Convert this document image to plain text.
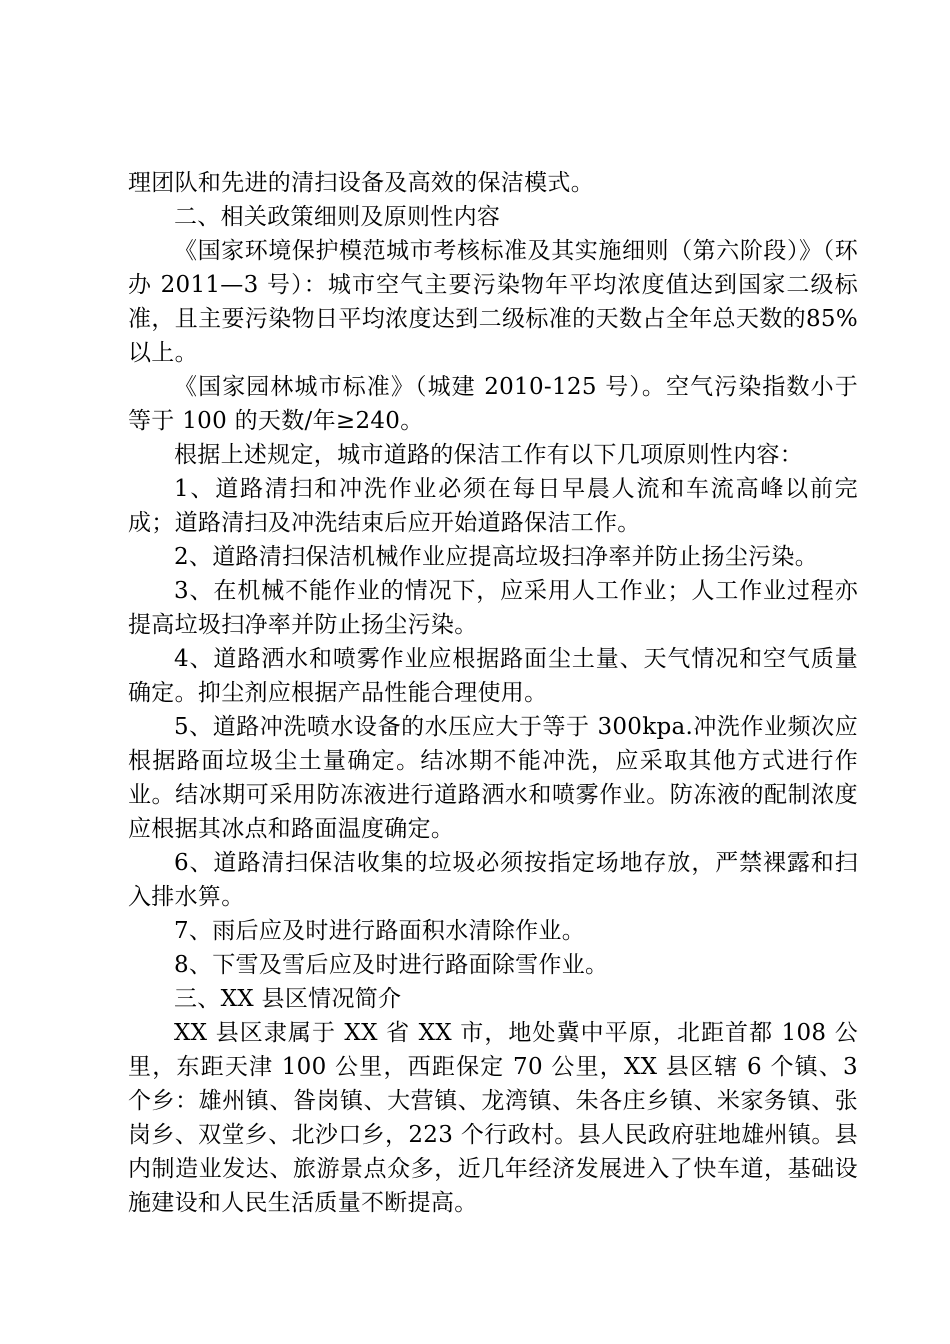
理团队和先进的清扫设备及高效的保洁模式。

二、相关政策细则及原则性内容

《国家环境保护模范城市考核标准及其实施细则（第六阶段）》（环办 2011—3 号）：城市空气主要污染物年平均浓度值达到国家二级标准，且主要污染物日平均浓度达到二级标准的天数占全年总天数的85%以上。

《国家园林城市标准》（城建 2010-125 号）。空气污染指数小于等于 100 的天数/年≥240。

根据上述规定，城市道路的保洁工作有以下几项原则性内容：

1、道路清扫和冲洗作业必须在每日早晨人流和车流高峰以前完成；道路清扫及冲洗结束后应开始道路保洁工作。

2、道路清扫保洁机械作业应提高垃圾扫净率并防止扬尘污染。

3、在机械不能作业的情况下，应采用人工作业；人工作业过程亦提高垃圾扫净率并防止扬尘污染。

4、道路洒水和喷雾作业应根据路面尘土量、天气情况和空气质量确定。抑尘剂应根据产品性能合理使用。

5、道路冲洗喷水设备的水压应大于等于 300kpa.冲洗作业频次应根据路面垃圾尘土量确定。结冰期不能冲洗，应采取其他方式进行作业。结冰期可采用防冻液进行道路洒水和喷雾作业。防冻液的配制浓度应根据其冰点和路面温度确定。

6、道路清扫保洁收集的垃圾必须按指定场地存放，严禁裸露和扫入排水箅。

7、雨后应及时进行路面积水清除作业。

8、下雪及雪后应及时进行路面除雪作业。

三、XX 县区情况简介

XX 县区隶属于 XX 省 XX 市，地处冀中平原，北距首都 108 公里，东距天津 100 公里，西距保定 70 公里，XX 县区辖 6 个镇、3 个乡：雄州镇、昝岗镇、大营镇、龙湾镇、朱各庄乡镇、米家务镇、张岗乡、双堂乡、北沙口乡，223 个行政村。县人民政府驻地雄州镇。县内制造业发达、旅游景点众多，近几年经济发展进入了快车道，基础设施建设和人民生活质量不断提高。
